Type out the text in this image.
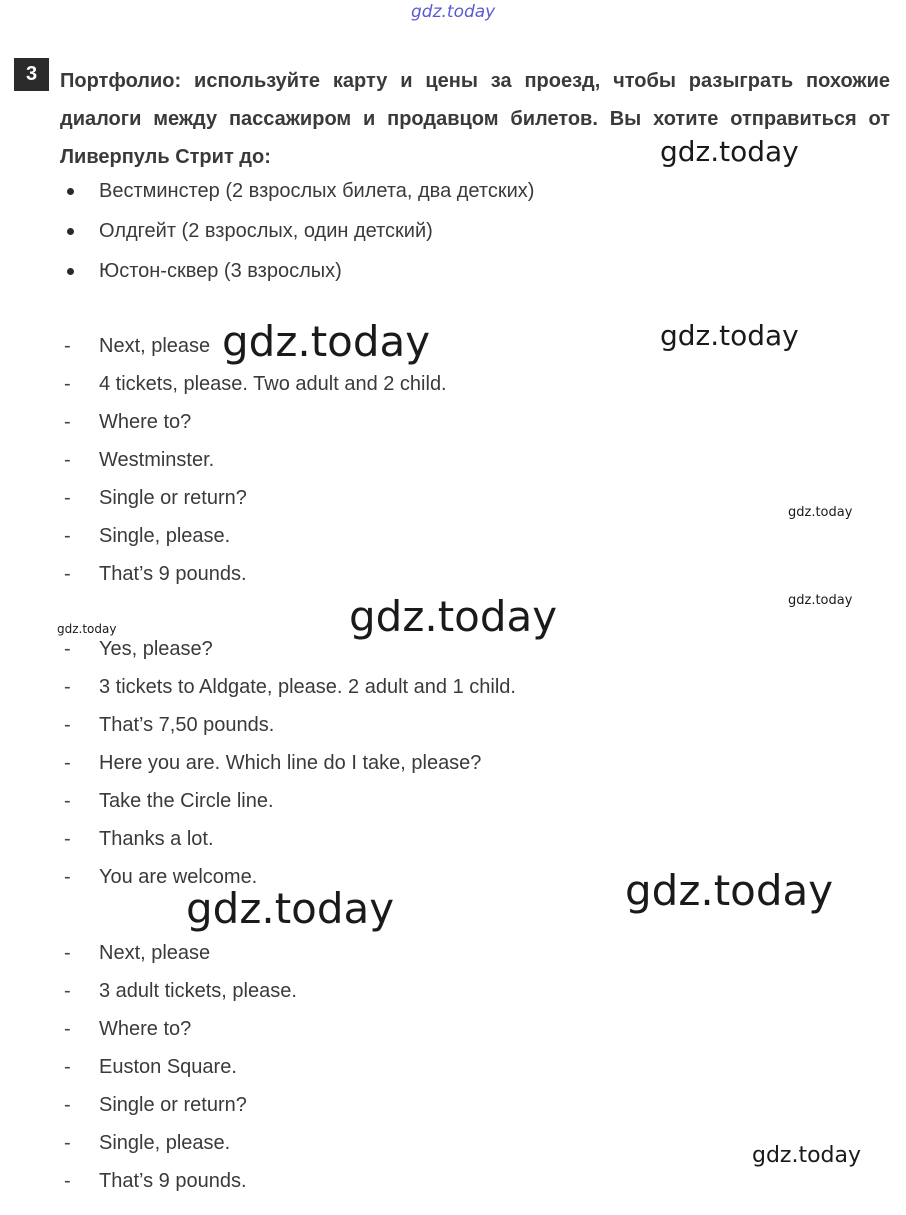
gdz.today
gdz.today
gdz.today
gdz.today
gdz.today
gdz.today
gdz.today	gdz.today
gdz.today
gdz.today
gdz.today
3	Портфолио: используйте карту и цены за проезд, чтобы разыграть похожие диалоги между пассажиром и продавцом билетов. Вы хотите отправиться от Ливерпуль Стрит до:
Вестминстер (2 взрослых билета, два детских)
Олдгейт (2 взрослых, один детский)
Юстон-сквер (3 взрослых)
- Next, please
- 4 tickets, please. Two adult and 2 child.
- Where to?
- Westminster.
- Single or return?
- Single, please.
- That’s 9 pounds.
- Yes, please?
- 3 tickets to Aldgate, please. 2 adult and 1 child.
- That’s 7,50 pounds.
- Here you are. Which line do I take, please?
- Take the Circle line.
- Thanks a lot.
- You are welcome.
- Next, please
- 3 adult tickets, please.
- Where to?
- Euston Square.
- Single or return?
- Single, please.
- That’s 9 pounds.
